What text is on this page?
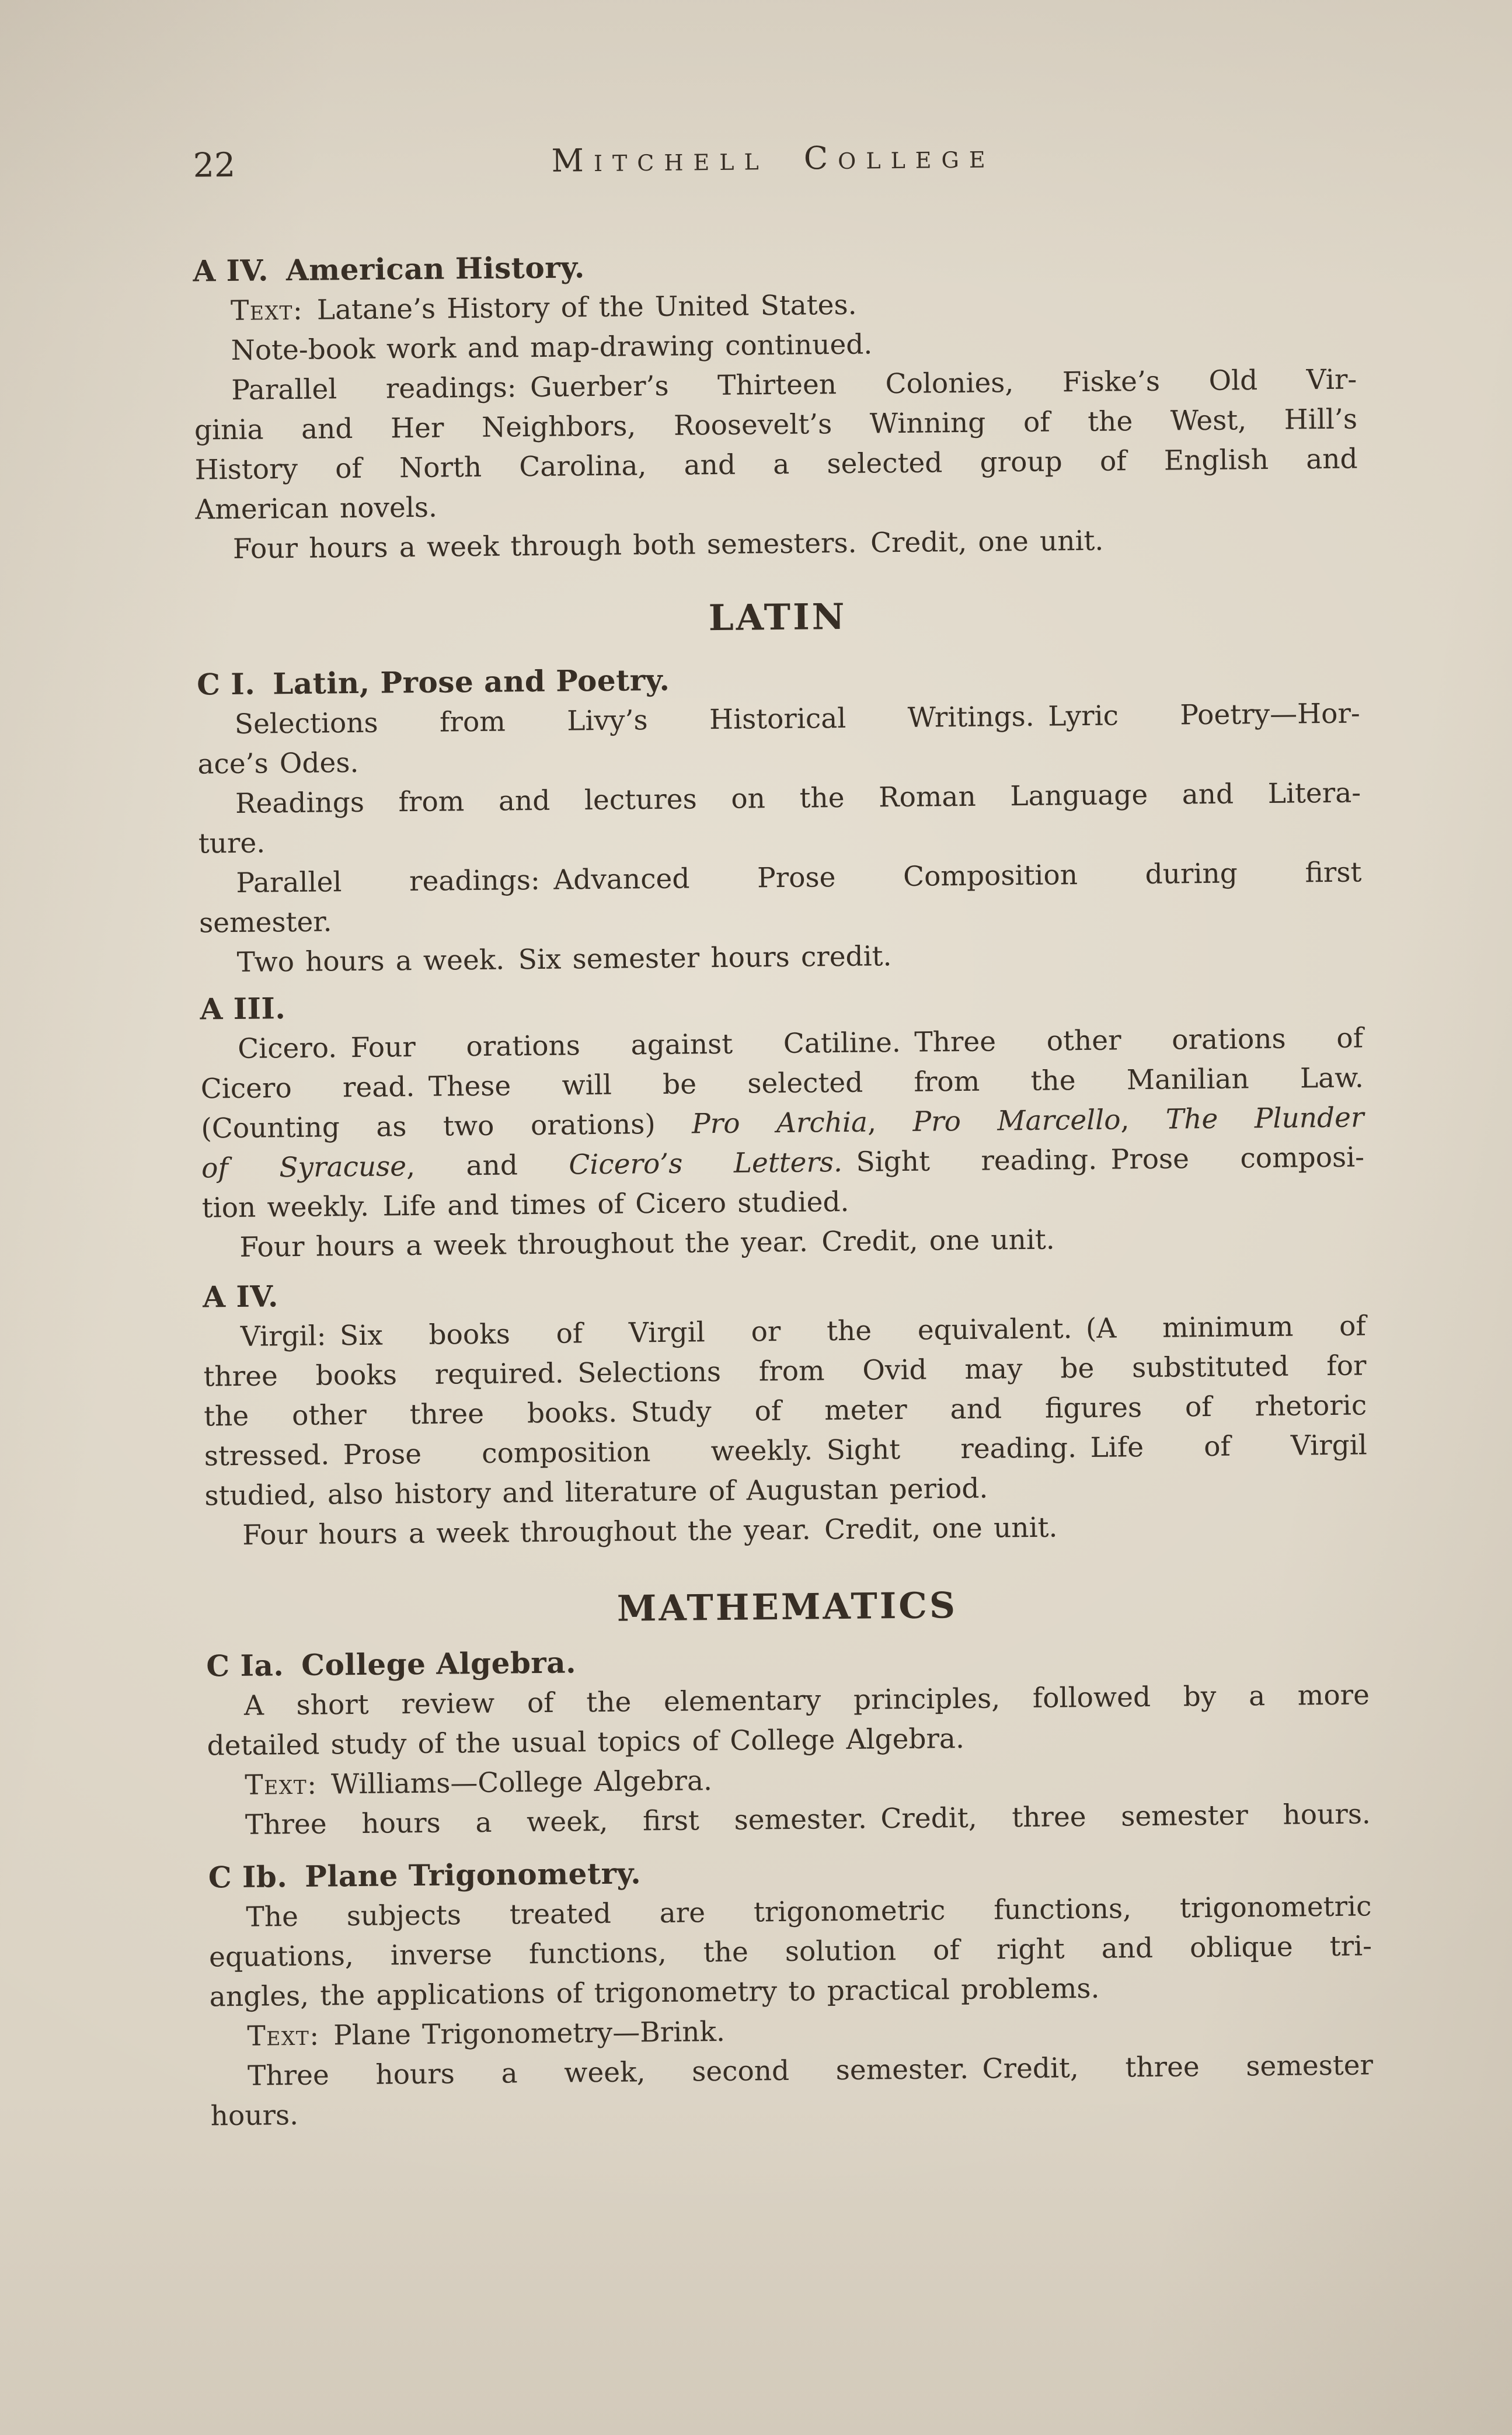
22	Mitchell College
A IV. American History.
Text: Latane’s History of the United States.
Note-book work and map-drawing continued.
Parallel readings: Guerber’s Thirteen Colonies, Fiske’s Old Vir-
ginia and Her Neighbors, Roosevelt’s Winning of the West, Hill’s
History of North Carolina, and a selected group of English and
American novels.
Four hours a week through both semesters. Credit, one unit.
LATIN
C I. Latin, Prose and Poetry.
Selections from Livy’s Historical Writings. Lyric Poetry—Hor-
ace’s Odes.
Readings from and lectures on the Roman Language and Litera-
ture.
Parallel readings: Advanced Prose Composition during first
semester.
Two hours a week. Six semester hours credit.
A III.
Cicero. Four orations against Catiline. Three other orations of
Cicero read. These will be selected from the Manilian Law.
(Counting as two orations) Pro Archia, Pro Marcello, The Plunder
of Syracuse, and Cicero’s Letters. Sight reading. Prose composi-
tion weekly. Life and times of Cicero studied.
Four hours a week throughout the year. Credit, one unit.
A IV.
Virgil: Six books of Virgil or the equivalent. (A minimum of
three books required. Selections from Ovid may be substituted for
the other three books. Study of meter and figures of rhetoric
stressed. Prose composition weekly. Sight reading. Life of Virgil
studied, also history and literature of Augustan period.
Four hours a week throughout the year. Credit, one unit.
MATHEMATICS
C Ia. College Algebra.
A short review of the elementary principles, followed by a more
detailed study of the usual topics of College Algebra.
Text: Williams—College Algebra.
Three hours a week, first semester. Credit, three semester hours.
C Ib. Plane Trigonometry.
The subjects treated are trigonometric functions, trigonometric
equations, inverse functions, the solution of right and oblique tri-
angles, the applications of trigonometry to practical problems.
Text: Plane Trigonometry—Brink.
Three hours a week, second semester. Credit, three semester
hours.
